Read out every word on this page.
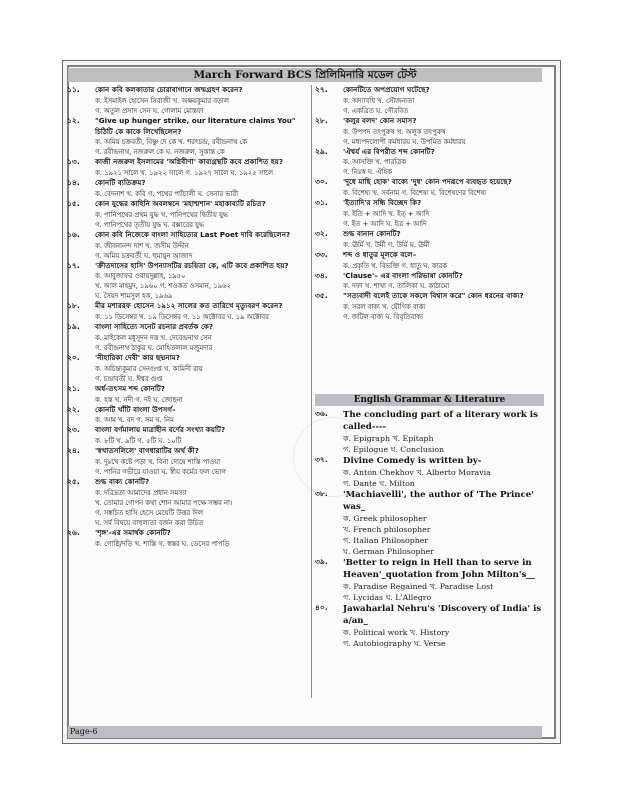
March Forward BCS প্রিলিমিনারি মডেল টেস্ট
১১.	কোন কবি কলকাতার চোরাবাগানে জন্মগ্রহণ করেন?
ক. ইসমাইল হোসেন সিরাজী খ. অক্ষয়কুমার বড়াল
গ. অতুল প্রসাদ সেন ঘ. গোলাম মোস্তফা
১২.	"Give up hunger strike, our literature claims You" চিঠিটি কে কাকে লিখেছিলেন?
ক. অমিয় চক্রবর্তী, বিষ্ণু দে কে খ. শরৎচন্দ্র, রবীন্দ্রনাথ কে
গ. রবীন্দ্রনাথ, নজরুল কে ঘ. নজরুল, সুকান্ত কে
১৩.	কাজী নজরুল ইসলামের 'অগ্নিবীণা' কাব্যগ্রন্থটি কবে প্রকাশিত হয়?
ক. ১৯২১ সালে খ. ১৯২২ সালে গ. ১৯২৭ সালে ঘ. ১৯২৫ সালে
১৪.	কোনটি ব্যতিক্রম?
ক. বেদনাশ খ. কবি গ. পথের প্যাঁচালী ঘ. সেনার ভারী
১৫.	কোন যুদ্ধের কাহিনি অবলম্বনে 'মহাশ্মশান' মহাকাব্যটি রচিত?
ক. পানিপথের প্রথম যুদ্ধ খ. পানিপথের দ্বিতীয় যুদ্ধ
গ. পানিপথের তৃতীয় যুদ্ধ ঘ. বক্সারের যুদ্ধ
১৬.	কোন কবি নিজেকে বাংলা সাহিত্যের Last Poet দাবি করেছিলেন?
ক. জীবনানন্দ দাশ খ. জসীম উদ্দীন
গ. অমিয় চক্রবর্তী ঘ. হুমায়ুন আজাদ
১৭.	'ক্রীতদাসের হাসি' উপন্যাসটির রচয়িতা কে, এটি কবে প্রকাশিত হয়?
ক. আবুজাফর ওবায়দুল্লাহ, ১৯৫০
খ. আল মাহমুদ, ১৯৬০ গ. শওকত ওসমান, ১৯৬২
ঘ. সৈয়দ শামসুল হক, ১৯৬৯
১৮.	মীর মশাররফ হোসেন ১৯১২ সালের কত তারিখে মৃত্যুবরণ করেন?
ক. ১১ ডিসেম্বর খ. ১৯ ডিসেম্বর গ. ১১ অক্টোবর ঘ. ১৯ অক্টোবর
১৯.	বাংলা সাহিত্যে সনেট রচনার প্রবর্তক কে?
ক. মাইকেল মধুসূদন দত্ত খ. দেবেন্দ্রনাথ সেন
গ. রবীন্দ্রনাথ ঠাকুর ঘ. মোহিতলাল মজুমদার
২০.	'নীহারিকা দেবী' কার ছদ্মনাম?
ক. অচিন্ত্যকুমার সেনগুপ্ত খ. কামিনী রায়
গ. চন্দ্রাবতী ঘ. ঈশ্বর গুপ্ত
২১.	অর্ধ-তৎসম শব্দ কোনটি?
ক. হস্ত খ. নদী গ. দই ঘ. জোছনা
২২.	কোনটি খাঁটি বাংলা উপসর্গ–
ক. আম খ. বদ গ. সম ঘ. নিম
২৩.	বাংলা বর্ণমালায় মাত্রাহীন বর্ণের সংখ্যা কয়টি?
ক. ৮টি খ. ৯টি গ. ৫টি ঘ. ১০টি
২৪.	'স্বখাতসলিলে' বাগধারাটির অর্থ কী?
ক. দুঃখে কষ্টে পড়া খ. বিনা দোষে শাস্তি পাওয়া
গ. পানির গভীরে যাওয়া ঘ. স্বীয় কর্মের ফল ভোগ
২৫.	শুদ্ধ বাক্য কোনটি?
ক. দরিদ্রতা আমাদের প্রধান সমস্যা
খ. তোমার গোপন কথা শোন আমার পক্ষে সম্ভব না।
গ. সঙ্কচিত হাসি হেসে মেয়েটি উত্তর দিল
ঘ. সর্ব বিষয়ে বাহুল্যতা বর্জন করা উচিত
২৬.	'শৃঙ্গ'-এর সমার্থক কোনটি?
ক. গোষ্ঠি/দড়ি খ. শাস্তি গ. স্বস্তর ঘ. ডেসের পাপড়ি
২৭.	কোনটিতে অপপ্রয়োগ ঘটেছে?
ক. অদ্যাবধি খ. সৌজন্যতা
গ. একত্রিত ঘ. গৌরবিত
২৮.	'কলুর বলদ' কোন সমাস?
ক. উপপদ তৎপুরুষ খ. অলুক তৎপুরুষ
গ. মধ্যপদলোপী কর্মধারয় ঘ. উপমিত কর্মধারয়
২৯.	'ঐশ্বর্য এর বিপরীত শব্দ কোনটি?
ক. আসক্তি খ. পারত্রিক
গ. নিঃস্ব ঘ. ঐহিক
৩০.	'দুধে মাছি হোক' বাক্যে 'দুধ' কোন পদরূপে ব্যবহৃত হয়েছে?
ক. বিশেষ্য খ. সর্বনাম গ. বিশেষ্য ঘ. বিশেষণের বিশেষ্য
৩১.	'ইত্যাদি'র সন্ধি বিচ্ছেদ কি?
ক. ইতি + আদি খ. ইত্ + আদি
গ. ইত + আদি ঘ. ইত্র + আদি
৩২.	শুদ্ধ বানান কোনটি?
ক. ঊর্মি খ. উর্মী গ. উর্মি ঘ. ঊর্মী
৩৩.	শব্দ ও ধাতুর মূলকে বলে–
ক. প্রকৃতি খ. বিভক্তি গ. ধাতু ঘ. কারক
৩৪.	'Clause'– এর বাংলা পরিভাষা কোনটি?
ক. দফা খ. শাখা গ. তালিকা ঘ. কাঠামো
৩৫.	"সত্যবাদী বলেই তাকে সকলে বিশ্বাস করে" কোন ধরনের বাক্য?
ক. সরল বাক্য খ. যৌগিক বাক্য
গ. জটিল বাক্য ঘ. বিবৃতিবাক্য
English Grammar & Literature
৩৬.	The concluding part of a literary work is called----
ক. Epigraph খ. Epitaph
গ. Epilogue ঘ. Conclusion
৩৭.	Divine Comedy is written by-
ক. Anton Chekhov খ. Alberto Moravia
গ. Dante ঘ. Milton
৩৮.	'Machiavelli', the author of 'The Prince' was_
ক. Greek philosopher
খ. French philosopher
গ. Italian Philosopher
ঘ. German Philosopher
৩৯.	'Better to reign in Hell than to serve in Heaven'_quotation from John Milton's__
ক. Paradise Regained খ. Paradise Lost
গ. Lycidas ঘ. L'Allegro
৪০.	Jawaharlal Nehru's 'Discovery of India' is a/an_
ক. Political work খ. History
গ. Autobiography ঘ. Verse
Page-6
